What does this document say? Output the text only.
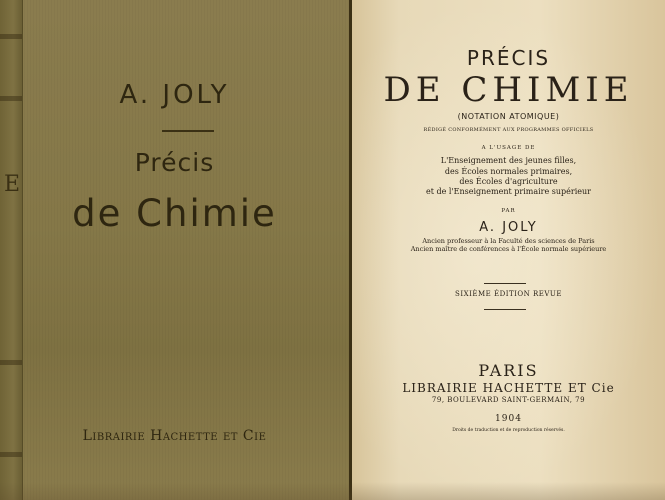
E
A. JOLY
Précis
de Chimie
Librairie Hachette et Cie
PRÉCIS
DE CHIMIE
(NOTATION ATOMIQUE)
RÉDIGÉ CONFORMÉMENT AUX PROGRAMMES OFFICIELS
A L'USAGE DE
L'Enseignement des jeunes filles,
des Écoles normales primaires,
des Écoles d'agriculture
et de l'Enseignement primaire supérieur
PAR
A. JOLY
Ancien professeur à la Faculté des sciences de Paris
Ancien maître de conférences à l'École normale supérieure
SIXIÈME ÉDITION REVUE
PARIS
LIBRAIRIE HACHETTE ET Cie
79, BOULEVARD SAINT-GERMAIN, 79
1904
Droits de traduction et de reproduction réservés.
